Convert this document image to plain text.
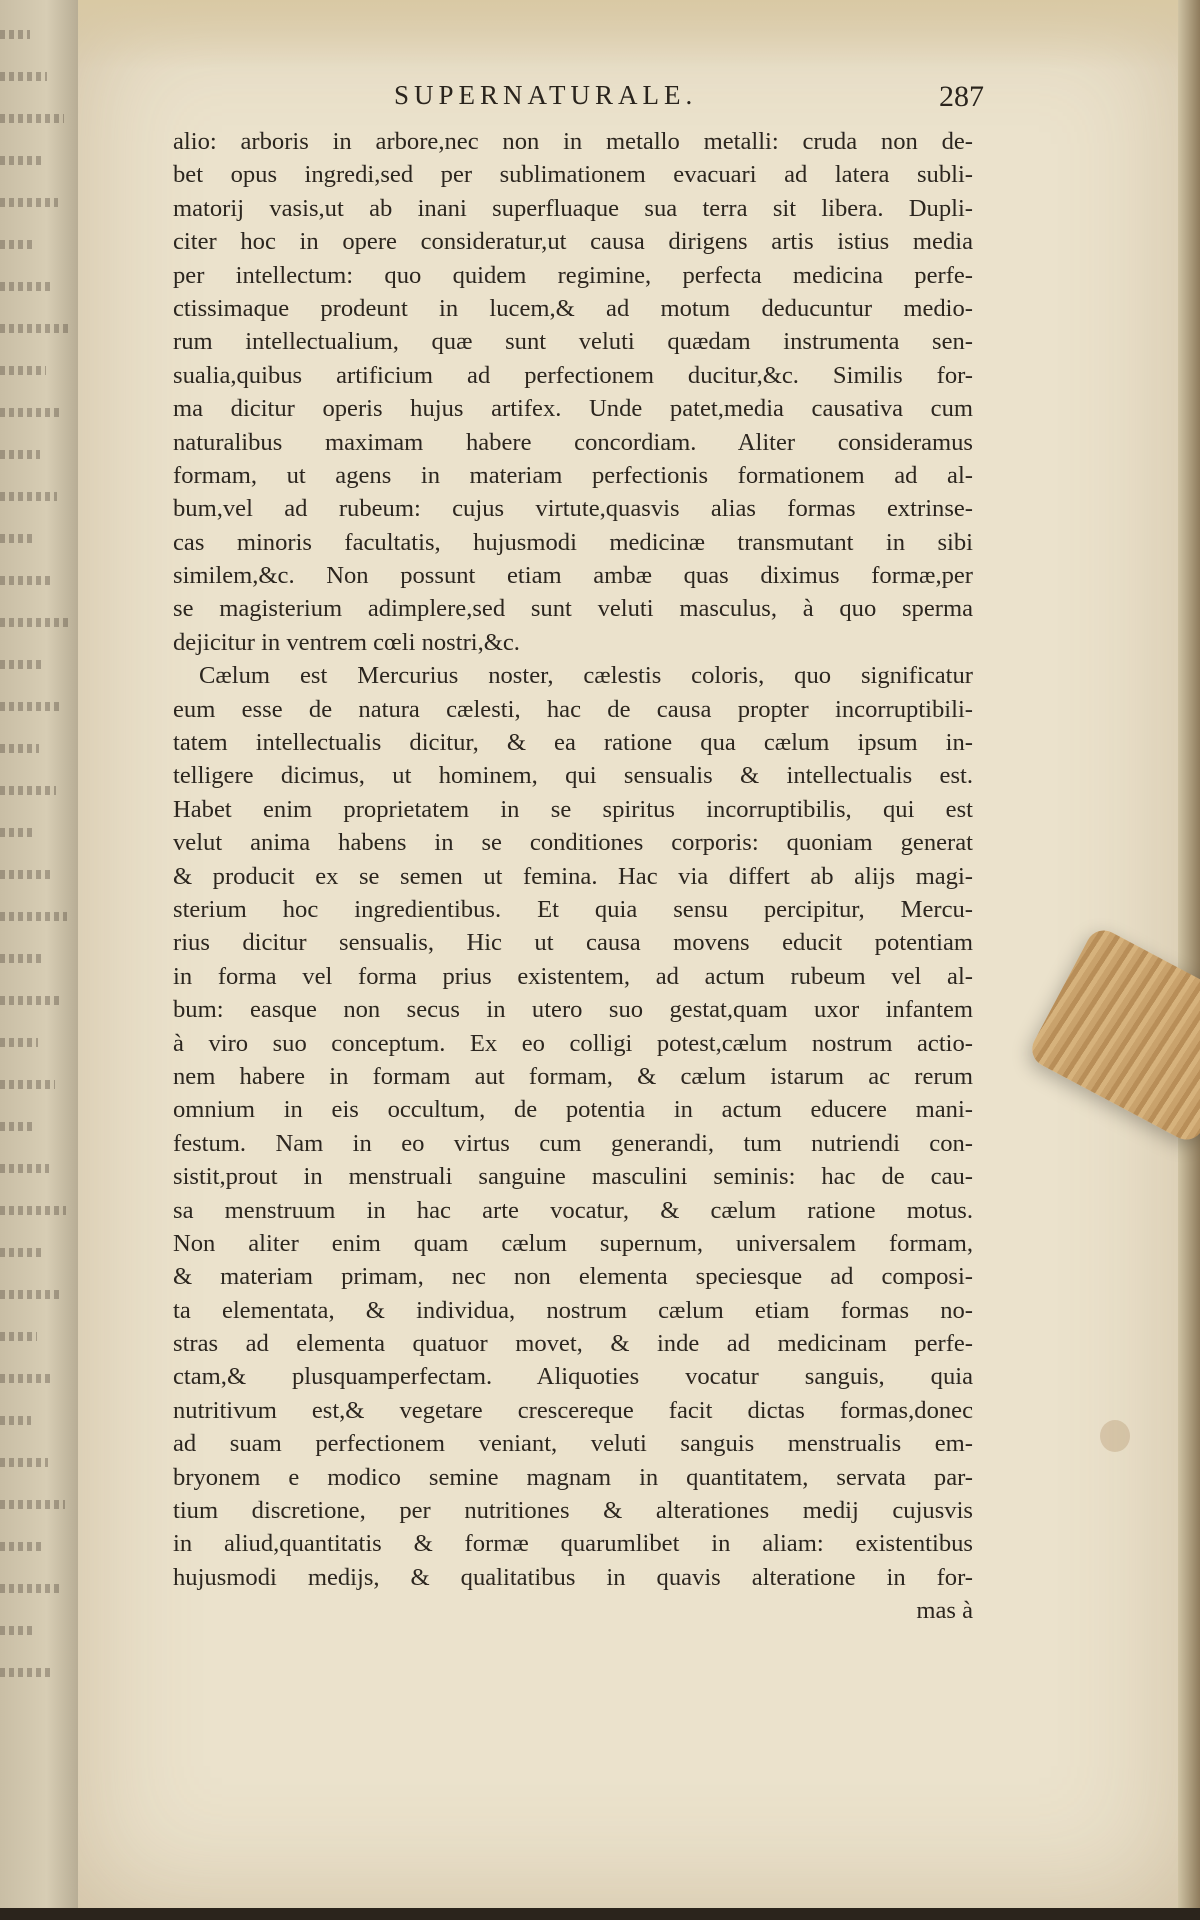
SUPERNATURALE.	287
alio: arboris in arbore,nec non in metallo metalli: cruda non de-
bet opus ingredi,sed per sublimationem evacuari ad latera subli-
matorij vasis,ut ab inani superfluaque sua terra sit libera. Dupli-
citer hoc in opere consideratur,ut causa dirigens artis istius media
per intellectum: quo quidem regimine, perfecta medicina perfe-
ctissimaque prodeunt in lucem,& ad motum deducuntur medio-
rum intellectualium, quæ sunt veluti quædam instrumenta sen-
sualia,quibus artificium ad perfectionem ducitur,&c. Similis for-
ma dicitur operis hujus artifex. Unde patet,media causativa cum
naturalibus maximam habere concordiam. Aliter consideramus
formam, ut agens in materiam perfectionis formationem ad al-
bum,vel ad rubeum: cujus virtute,quasvis alias formas extrinse-
cas minoris facultatis, hujusmodi medicinæ transmutant in sibi
similem,&c. Non possunt etiam ambæ quas diximus formæ,per
se magisterium adimplere,sed sunt veluti masculus, à quo sperma
dejicitur in ventrem cœli nostri,&c.
Cælum est Mercurius noster, cælestis coloris, quo significatur
eum esse de natura cælesti, hac de causa propter incorruptibili-
tatem intellectualis dicitur, & ea ratione qua cælum ipsum in-
telligere dicimus, ut hominem, qui sensualis & intellectualis est.
Habet enim proprietatem in se spiritus incorruptibilis, qui est
velut anima habens in se conditiones corporis: quoniam generat
& producit ex se semen ut femina. Hac via differt ab alijs magi-
sterium hoc ingredientibus. Et quia sensu percipitur, Mercu-
rius dicitur sensualis, Hic ut causa movens educit potentiam
in forma vel forma prius existentem, ad actum rubeum vel al-
bum: easque non secus in utero suo gestat,quam uxor infantem
à viro suo conceptum. Ex eo colligi potest,cælum nostrum actio-
nem habere in formam aut formam, & cælum istarum ac rerum
omnium in eis occultum, de potentia in actum educere mani-
festum. Nam in eo virtus cum generandi, tum nutriendi con-
sistit,prout in menstruali sanguine masculini seminis: hac de cau-
sa menstruum in hac arte vocatur, & cælum ratione motus.
Non aliter enim quam cælum supernum, universalem formam,
& materiam primam, nec non elementa speciesque ad composi-
ta elementata, & individua, nostrum cælum etiam formas no-
stras ad elementa quatuor movet, & inde ad medicinam perfe-
ctam,& plusquamperfectam. Aliquoties vocatur sanguis, quia
nutritivum est,& vegetare crescereque facit dictas formas,donec
ad suam perfectionem veniant, veluti sanguis menstrualis em-
bryonem e modico semine magnam in quantitatem, servata par-
tium discretione, per nutritiones & alterationes medij cujusvis
in aliud,quantitatis & formæ quarumlibet in aliam: existentibus
hujusmodi medijs, & qualitatibus in quavis alteratione in for-
mas à
